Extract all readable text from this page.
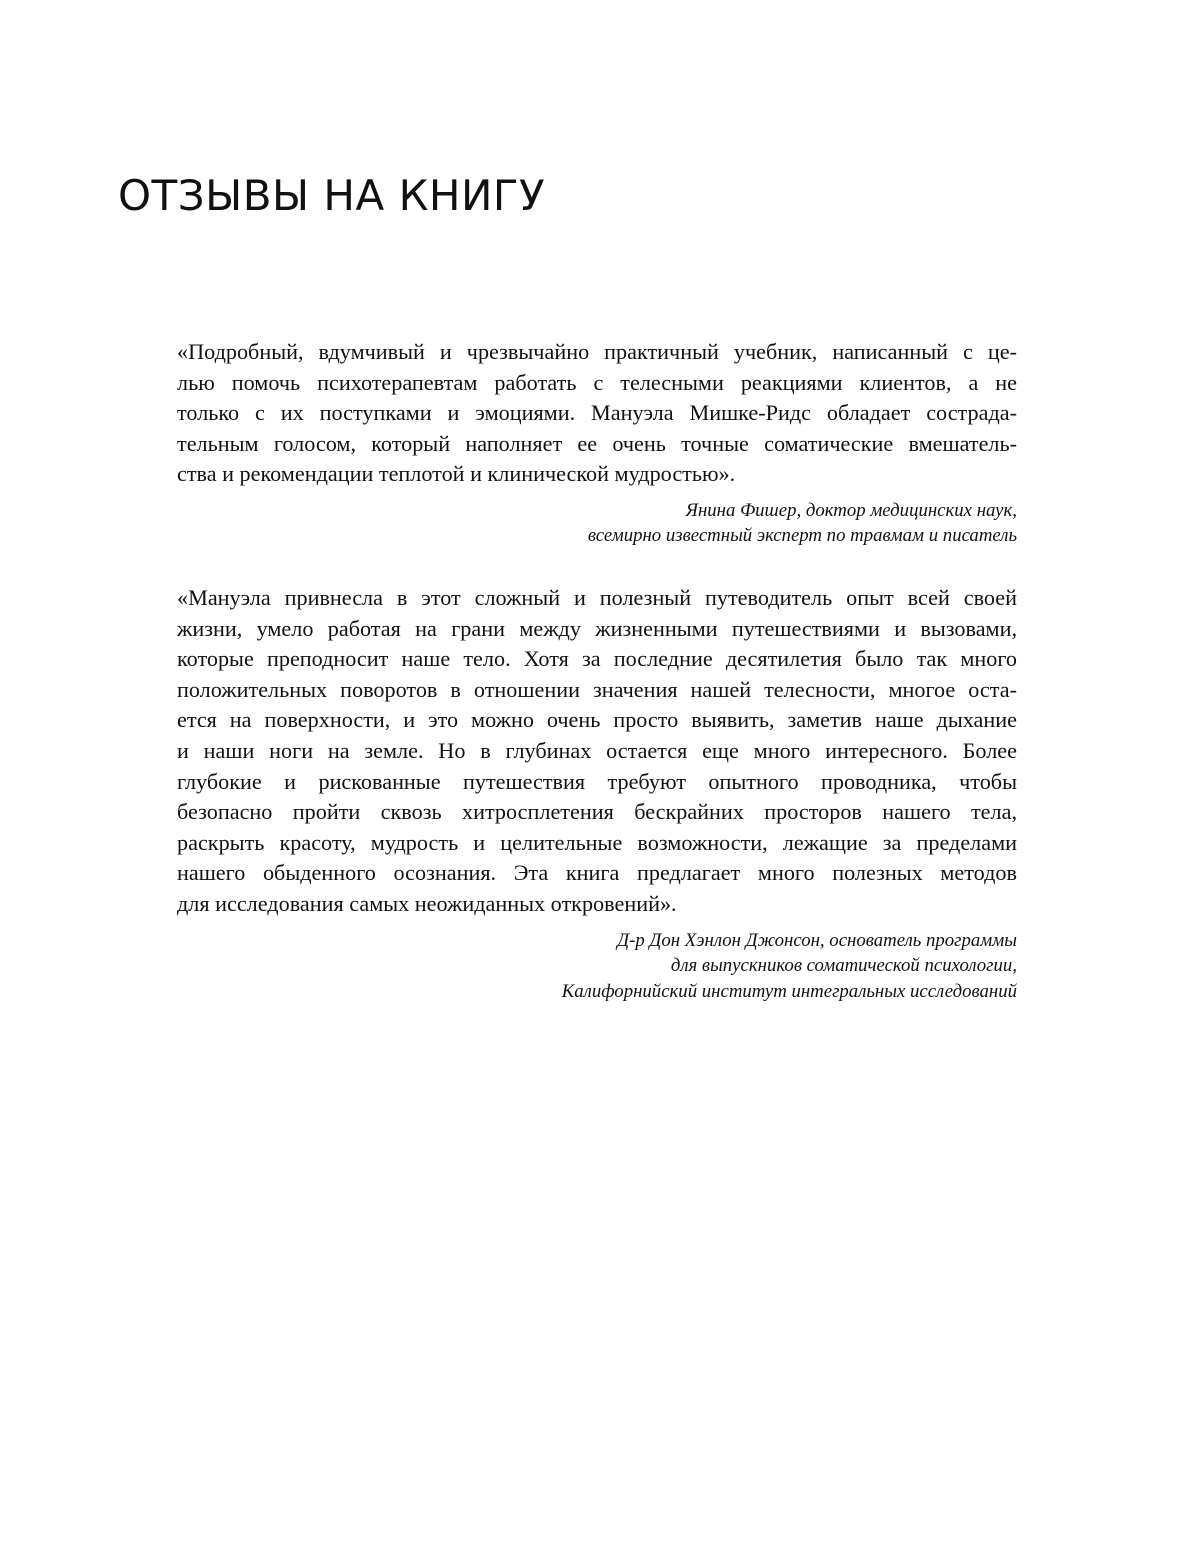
ОТЗЫВЫ НА КНИГУ
«Подробный, вдумчивый и чрезвычайно практичный учебник, написанный с це-
лью помочь психотерапевтам работать с телесными реакциями клиентов, а не
только с их поступками и эмоциями. Мануэла Мишке-Ридс обладает сострада-
тельным голосом, который наполняет ее очень точные соматические вмешатель-
ства и рекомендации теплотой и клинической мудростью».
Янина Фишер, доктор медицинских наук,
всемирно известный эксперт по травмам и писатель
«Мануэла привнесла в этот сложный и полезный путеводитель опыт всей своей
жизни, умело работая на грани между жизненными путешествиями и вызовами,
которые преподносит наше тело. Хотя за последние десятилетия было так много
положительных поворотов в отношении значения нашей телесности, многое оста-
ется на поверхности, и это можно очень просто выявить, заметив наше дыхание
и наши ноги на земле. Но в глубинах остается еще много интересного. Более
глубокие и рискованные путешествия требуют опытного проводника, чтобы
безопасно пройти сквозь хитросплетения бескрайних просторов нашего тела,
раскрыть красоту, мудрость и целительные возможности, лежащие за пределами
нашего обыденного осознания. Эта книга предлагает много полезных методов
для исследования самых неожиданных откровений».
Д-р Дон Хэнлон Джонсон, основатель программы
для выпускников соматической психологии,
Калифорнийский институт интегральных исследований
